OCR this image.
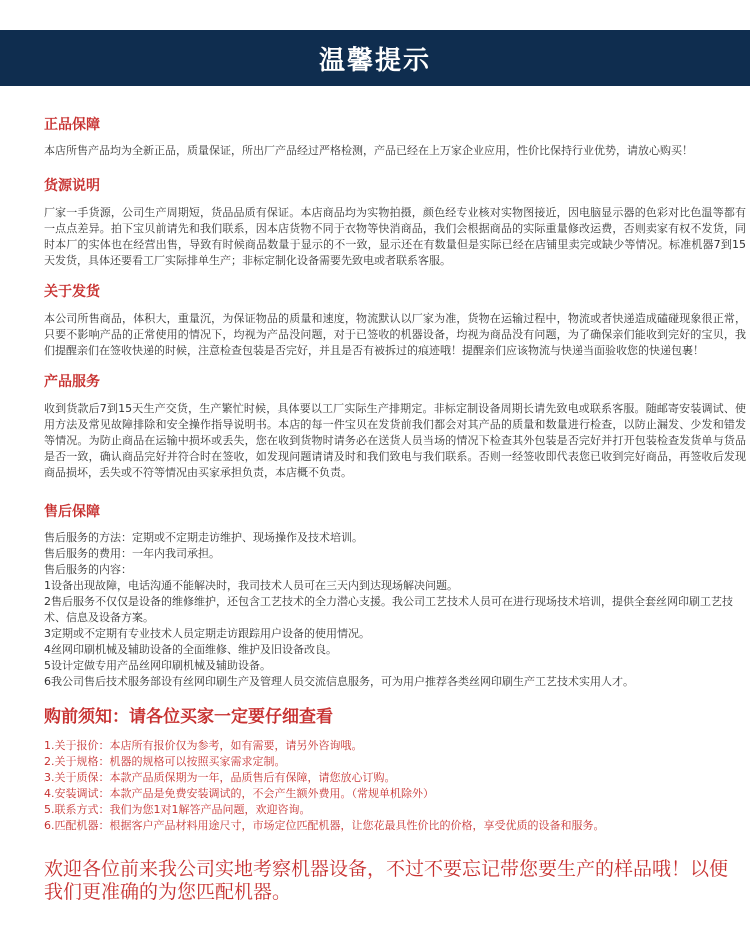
温馨提示
正品保障
本店所售产品均为全新正品，质量保证，所出厂产品经过严格检测，产品已经在上万家企业应用，性价比保持行业优势，请放心购买！
货源说明
厂家一手货源，公司生产周期短，货品品质有保证。本店商品均为实物拍摄，颜色经专业核对实物图接近，因电脑显示器的色彩对比色温等都有一点点差异。拍下宝贝前请先和我们联系，因本店货物不同于衣物等快消商品，我们会根据商品的实际重量修改运费，否则卖家有权不发货，同时本厂的实体也在经营出售，导致有时候商品数量于显示的不一致，显示还在有数量但是实际已经在店铺里卖完或缺少等情况。标准机器7到15天发货，具体还要看工厂实际排单生产；非标定制化设备需要先致电或者联系客服。
关于发货
本公司所售商品，体积大，重量沉，为保证物品的质量和速度，物流默认以厂家为准，货物在运输过程中，物流或者快递造成磕碰现象很正常，只要不影响产品的正常使用的情况下，均视为产品没问题，对于已签收的机器设备，均视为商品没有问题，为了确保亲们能收到完好的宝贝，我们提醒亲们在签收快递的时候，注意检查包装是否完好，并且是否有被拆过的痕迹哦！提醒亲们应该物流与快递当面验收您的快递包裹！
产品服务
收到货款后7到15天生产交货，生产繁忙时候，具体要以工厂实际生产排期定。非标定制设备周期长请先致电或联系客服。随邮寄安装调试、使用方法及常见故障排除和安全操作指导说明书。本店的每一件宝贝在发货前我们都会对其产品的质量和数量进行检查，以防止漏发、少发和错发等情况。为防止商品在运输中损坏或丢失，您在收到货物时请务必在送货人员当场的情况下检查其外包装是否完好并打开包装检查发货单与货品是否一致，确认商品完好并符合时在签收，如发现问题请请及时和我们致电与我们联系。否则一经签收即代表您已收到完好商品，再签收后发现商品损坏，丢失或不符等情况由买家承担负责，本店概不负责。
售后保障
售后服务的方法：定期或不定期走访维护、现场操作及技术培训。
售后服务的费用：一年内我司承担。
售后服务的内容：
1设备出现故障，电话沟通不能解决时，我司技术人员可在三天内到达现场解决问题。
2售后服务不仅仅是设备的维修维护，还包含工艺技术的全力潜心支援。我公司工艺技术人员可在进行现场技术培训，提供全套丝网印刷工艺技术、信息及设备方案。
3定期或不定期有专业技术人员定期走访跟踪用户设备的使用情况。
4丝网印刷机械及辅助设备的全面维修、维护及旧设备改良。
5设计定做专用产品丝网印刷机械及辅助设备。
6我公司售后技术服务部设有丝网印刷生产及管理人员交流信息服务，可为用户推荐各类丝网印刷生产工艺技术实用人才。
购前须知：请各位买家一定要仔细查看
1.关于报价：本店所有报价仅为参考，如有需要，请另外咨询哦。
2.关于规格：机器的规格可以按照买家需求定制。
3.关于质保：本款产品质保期为一年，品质售后有保障，请您放心订购。
4.安装调试：本款产品是免费安装调试的，不会产生额外费用。（常规单机除外）
5.联系方式：我们为您1对1解答产品问题，欢迎咨询。
6.匹配机器：根据客户产品材料用途尺寸，市场定位匹配机器，让您花最具性价比的价格，享受优质的设备和服务。
欢迎各位前来我公司实地考察机器设备，不过不要忘记带您要生产的样品哦！以便我们更准确的为您匹配机器。
